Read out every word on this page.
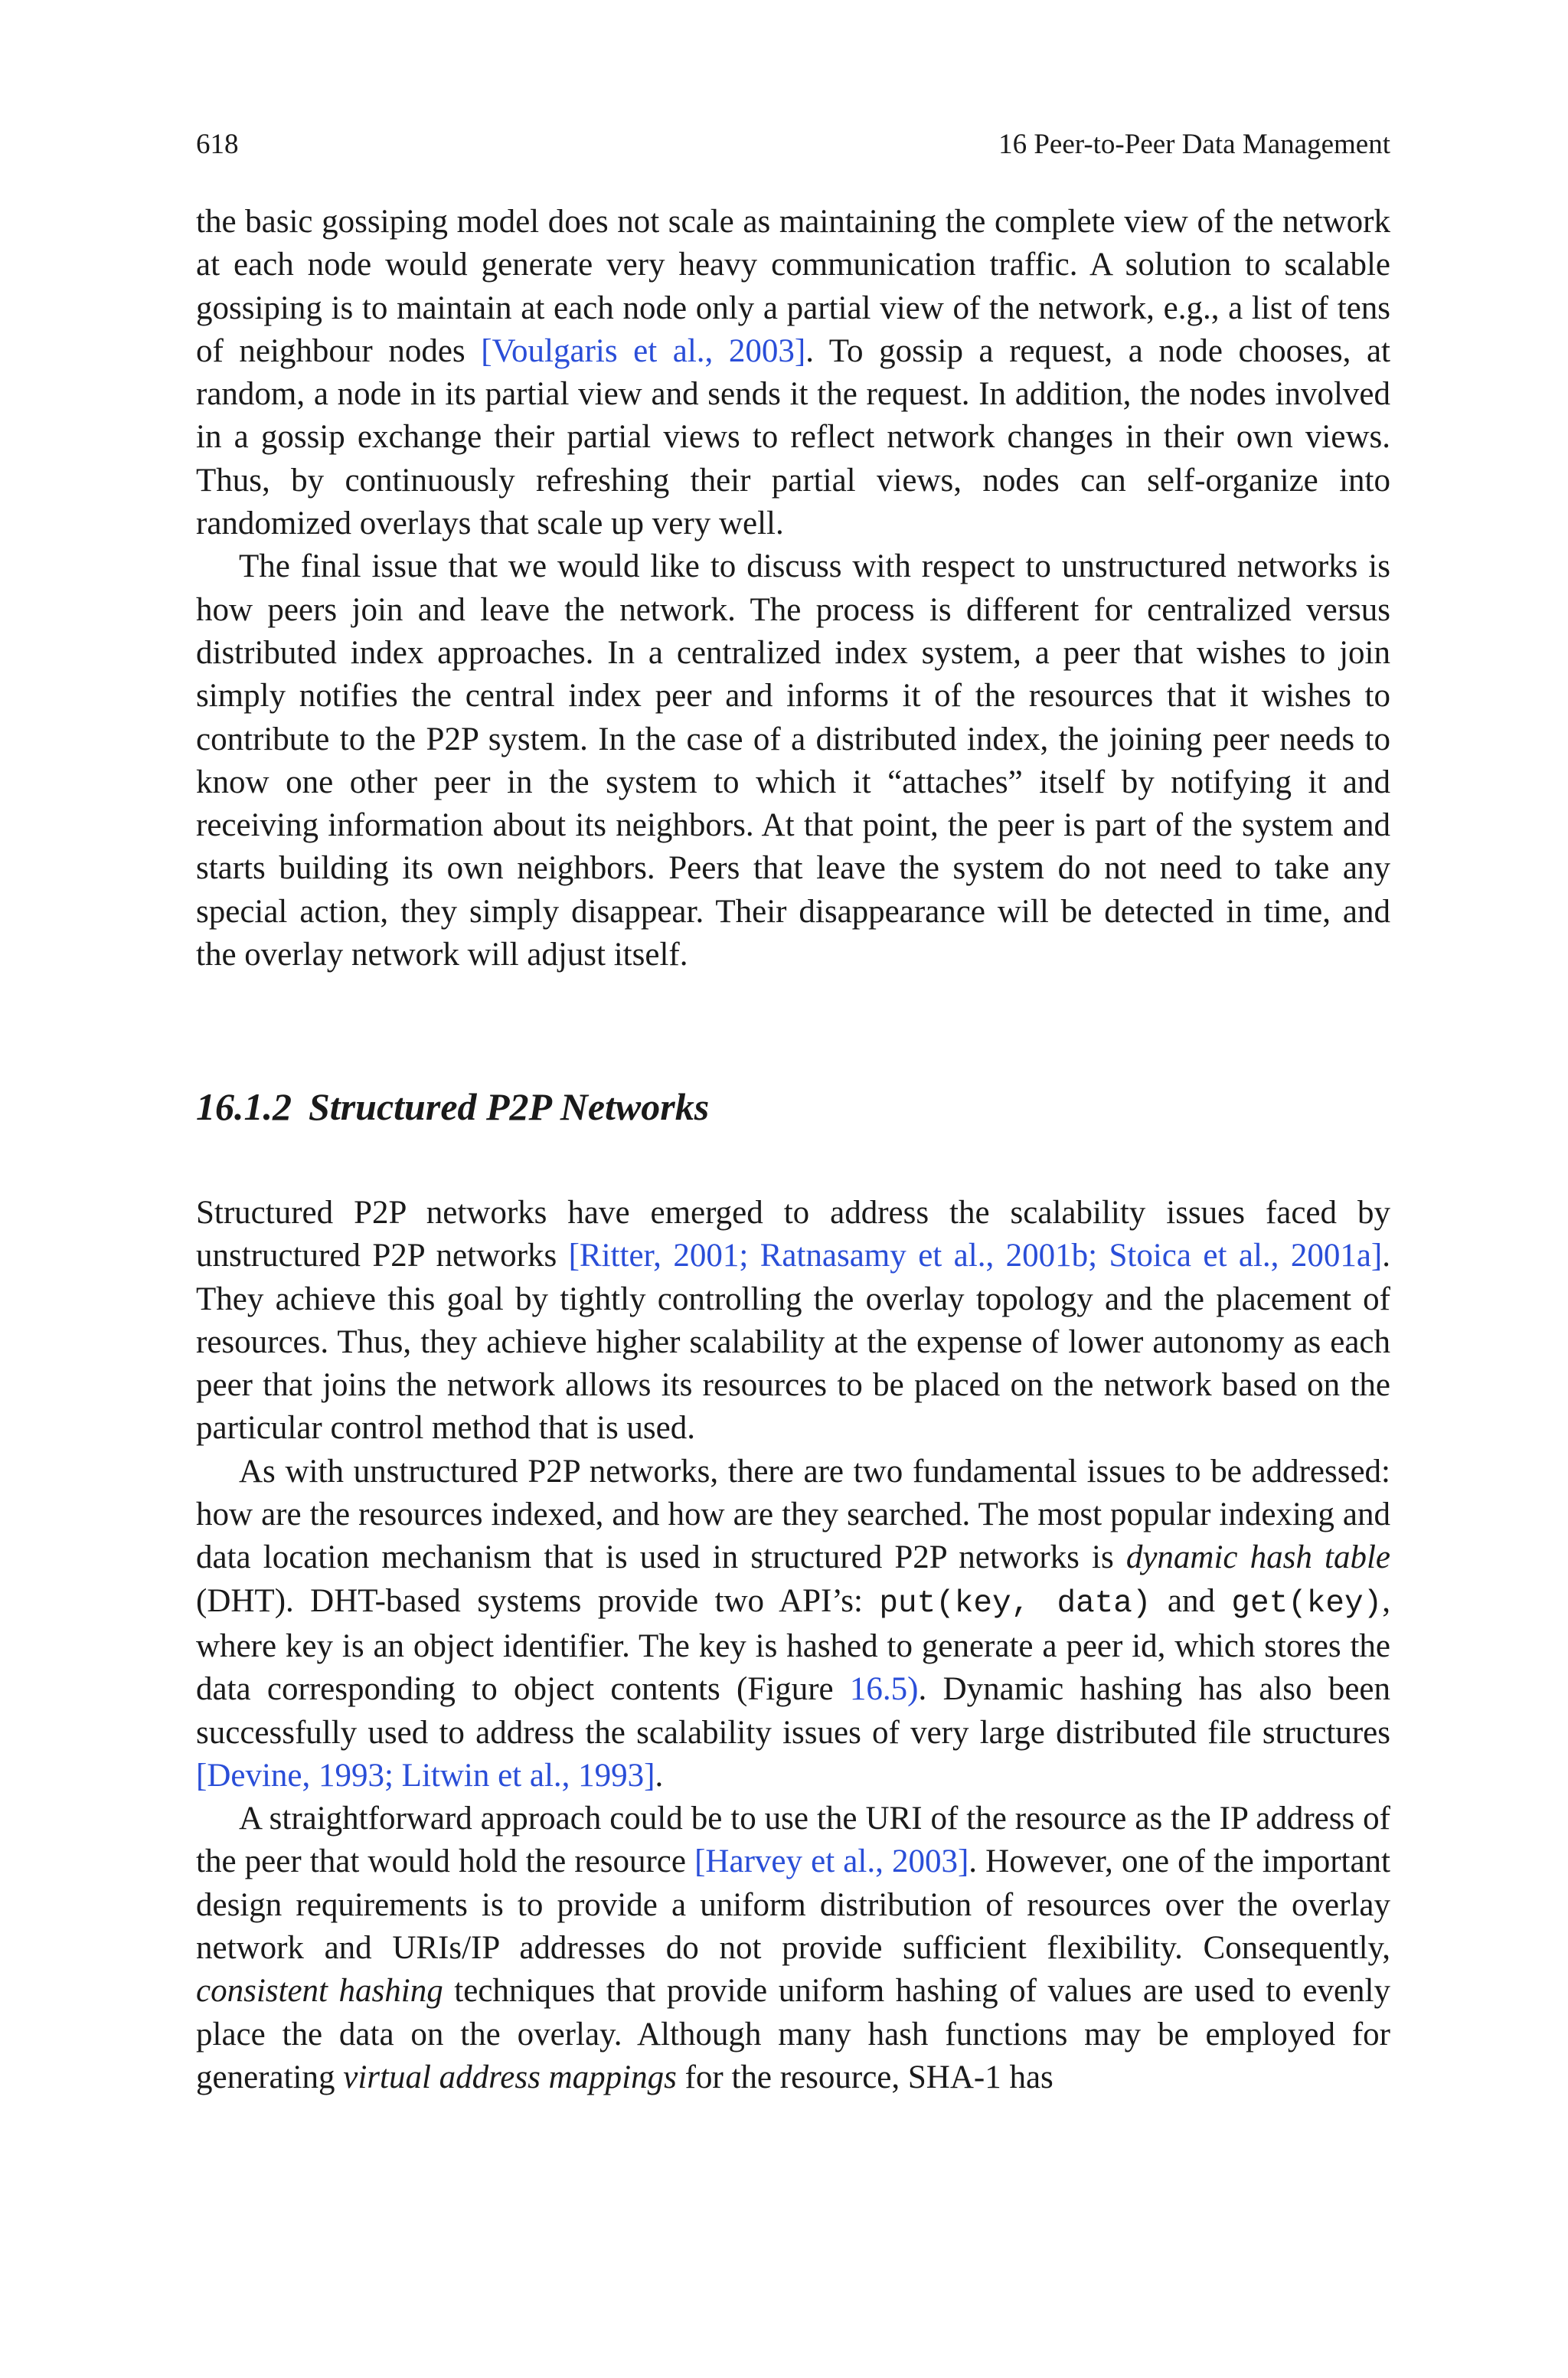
618	16 Peer-to-Peer Data Management

the basic gossiping model does not scale as maintaining the complete view of the network at each node would generate very heavy communication traffic. A solution to scalable gossiping is to maintain at each node only a partial view of the network, e.g., a list of tens of neighbour nodes [Voulgaris et al., 2003]. To gossip a request, a node chooses, at random, a node in its partial view and sends it the request. In addition, the nodes involved in a gossip exchange their partial views to reflect network changes in their own views. Thus, by continuously refreshing their partial views, nodes can self-organize into randomized overlays that scale up very well.

The final issue that we would like to discuss with respect to unstructured networks is how peers join and leave the network. The process is different for centralized versus distributed index approaches. In a centralized index system, a peer that wishes to join simply notifies the central index peer and informs it of the resources that it wishes to contribute to the P2P system. In the case of a distributed index, the joining peer needs to know one other peer in the system to which it “attaches” itself by notifying it and receiving information about its neighbors. At that point, the peer is part of the system and starts building its own neighbors. Peers that leave the system do not need to take any special action, they simply disappear. Their disappearance will be detected in time, and the overlay network will adjust itself.

16.1.2 Structured P2P Networks

Structured P2P networks have emerged to address the scalability issues faced by unstructured P2P networks [Ritter, 2001; Ratnasamy et al., 2001b; Stoica et al., 2001a]. They achieve this goal by tightly controlling the overlay topology and the placement of resources. Thus, they achieve higher scalability at the expense of lower autonomy as each peer that joins the network allows its resources to be placed on the network based on the particular control method that is used.

As with unstructured P2P networks, there are two fundamental issues to be addressed: how are the resources indexed, and how are they searched. The most popular indexing and data location mechanism that is used in structured P2P networks is dynamic hash table (DHT). DHT-based systems provide two API’s: put(key, data) and get(key), where key is an object identifier. The key is hashed to generate a peer id, which stores the data corresponding to object contents (Figure 16.5). Dynamic hashing has also been successfully used to address the scalability issues of very large distributed file structures [Devine, 1993; Litwin et al., 1993].

A straightforward approach could be to use the URI of the resource as the IP address of the peer that would hold the resource [Harvey et al., 2003]. However, one of the important design requirements is to provide a uniform distribution of resources over the overlay network and URIs/IP addresses do not provide sufficient flexibility. Consequently, consistent hashing techniques that provide uniform hashing of values are used to evenly place the data on the overlay. Although many hash functions may be employed for generating virtual address mappings for the resource, SHA-1 has
